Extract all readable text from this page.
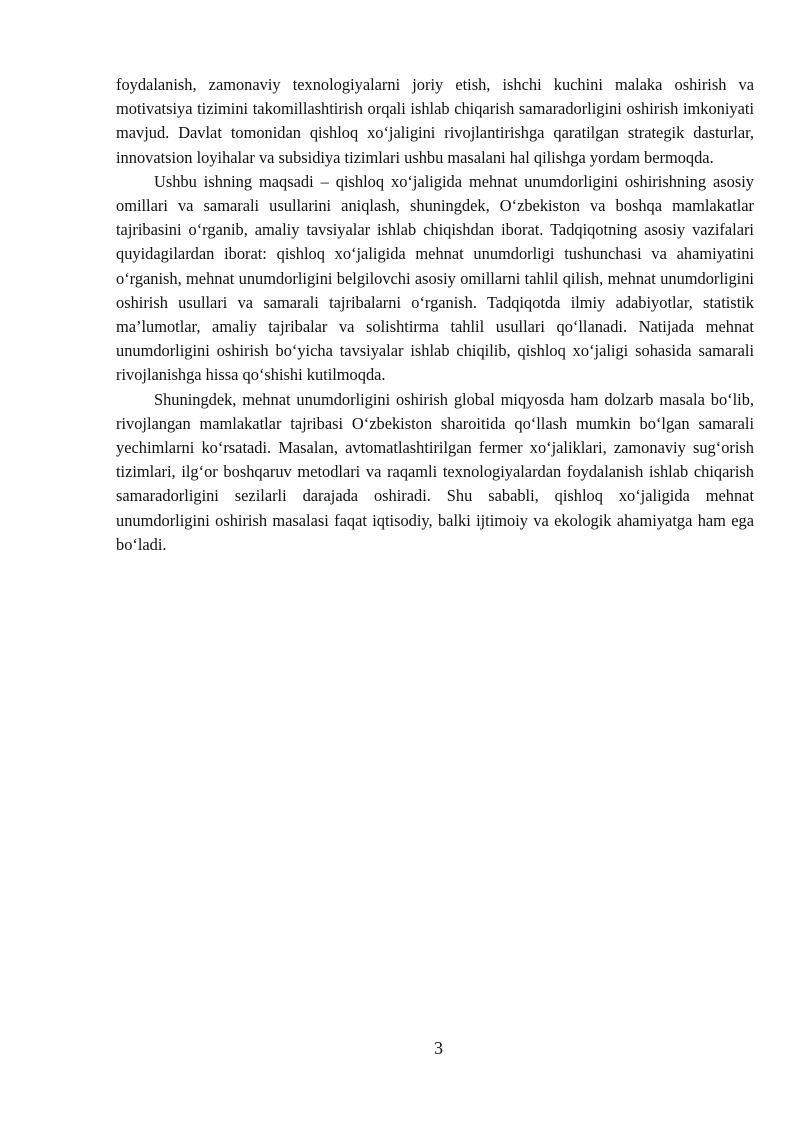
foydalanish, zamonaviy texnologiyalarni joriy etish, ishchi kuchini malaka oshirish va motivatsiya tizimini takomillashtirish orqali ishlab chiqarish samaradorligini oshirish imkoniyati mavjud. Davlat tomonidan qishloq xo‘jaligini rivojlantirishga qaratilgan strategik dasturlar, innovatsion loyihalar va subsidiya tizimlari ushbu masalani hal qilishga yordam bermoqda.

Ushbu ishning maqsadi – qishloq xo‘jaligida mehnat unumdorligini oshirishning asosiy omillari va samarali usullarini aniqlash, shuningdek, O‘zbekiston va boshqa mamlakatlar tajribasini o‘rganib, amaliy tavsiyalar ishlab chiqishdan iborat. Tadqiqotning asosiy vazifalari quyidagilardan iborat: qishloq xo‘jaligida mehnat unumdorligi tushunchasi va ahamiyatini o‘rganish, mehnat unumdorligini belgilovchi asosiy omillarni tahlil qilish, mehnat unumdorligini oshirish usullari va samarali tajribalarni o‘rganish. Tadqiqotda ilmiy adabiyotlar, statistik ma’lumotlar, amaliy tajribalar va solishtirma tahlil usullari qo‘llanadi. Natijada mehnat unumdorligini oshirish bo‘yicha tavsiyalar ishlab chiqilib, qishloq xo‘jaligi sohasida samarali rivojlanishga hissa qo‘shishi kutilmoqda.

Shuningdek, mehnat unumdorligini oshirish global miqyosda ham dolzarb masala bo‘lib, rivojlangan mamlakatlar tajribasi O‘zbekiston sharoitida qo‘llash mumkin bo‘lgan samarali yechimlarni ko‘rsatadi. Masalan, avtomatlashtirilgan fermer xo‘jaliklari, zamonaviy sug‘orish tizimlari, ilg‘or boshqaruv metodlari va raqamli texnologiyalardan foydalanish ishlab chiqarish samaradorligini sezilarli darajada oshiradi. Shu sababli, qishloq xo‘jaligida mehnat unumdorligini oshirish masalasi faqat iqtisodiy, balki ijtimoiy va ekologik ahamiyatga ham ega bo‘ladi.

3
